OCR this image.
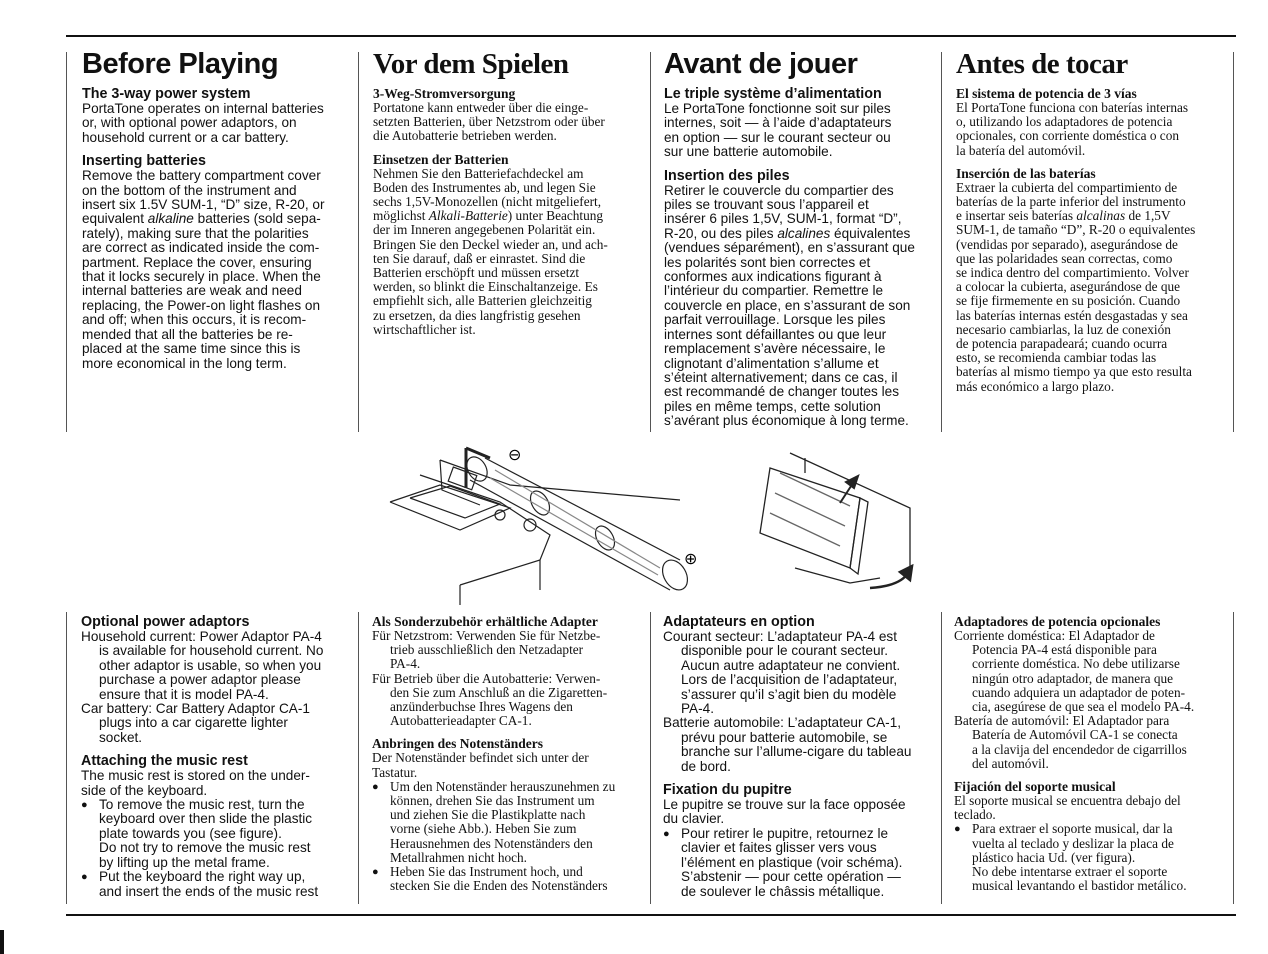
Before Playing
The 3-way power system

PortaTone operates on internal batteries

or, with optional power adaptors, on

household current or a car battery.

Inserting batteries

Remove the battery compartment cover

on the bottom of the instrument and

insert six 1.5V SUM-1, “D” size, R-20, or

equivalent alkaline batteries (sold sepa-

rately), making sure that the polarities

are correct as indicated inside the com-

partment. Replace the cover, ensuring

that it locks securely in place. When the

internal batteries are weak and need

replacing, the Power-on light flashes on

and off; when this occurs, it is recom-

mended that all the batteries be re-

placed at the same time since this is

more economical in the long term.

Vor dem Spielen
3-Weg-Stromversorgung

Portatone kann entweder über die einge-

setzten Batterien, über Netzstrom oder über

die Autobatterie betrieben werden.

Einsetzen der Batterien

Nehmen Sie den Batteriefachdeckel am

Boden des Instrumentes ab, und legen Sie

sechs 1,5V-Monozellen (nicht mitgeliefert,

möglichst Alkali-Batterie) unter Beachtung

der im Inneren angegebenen Polarität ein.

Bringen Sie den Deckel wieder an, und ach-

ten Sie darauf, daß er einrastet. Sind die

Batterien erschöpft und müssen ersetzt

werden, so blinkt die Einschaltanzeige. Es

empfiehlt sich, alle Batterien gleichzeitig

zu ersetzen, da dies langfristig gesehen

wirtschaftlicher ist.

Avant de jouer
Le triple système d’alimentation

Le PortaTone fonctionne soit sur piles

internes, soit — à l’aide d’adaptateurs

en option — sur le courant secteur ou

sur une batterie automobile.

Insertion des piles

Retirer le couvercle du compartier des

piles se trouvant sous l’appareil et

insérer 6 piles 1,5V, SUM-1, format “D”,

R-20, ou des piles alcalines équivalentes

(vendues séparément), en s’assurant que

les polarités sont bien correctes et

conformes aux indications figurant à

l’intérieur du compartier. Remettre le

couvercle en place, en s’assurant de son

parfait verrouillage. Lorsque les piles

internes sont défaillantes ou que leur

remplacement s’avère nécessaire, le

clignotant d’alimentation s’allume et

s’éteint alternativement; dans ce cas, il

est recommandé de changer toutes les

piles en même temps, cette solution

s’avérant plus économique à long terme.

Antes de tocar
El sistema de potencia de 3 vías

El PortaTone funciona con baterías internas

o, utilizando los adaptadores de potencia

opcionales, con corriente doméstica o con

la batería del automóvil.

Inserción de las baterías

Extraer la cubierta del compartimiento de

baterías de la parte inferior del instrumento

e insertar seis baterías alcalinas de 1,5V

SUM-1, de tamaño “D”, R-20 o equivalentes

(vendidas por separado), asegurándose de

que las polaridades sean correctas, como

se indica dentro del compartimiento. Volver

a colocar la cubierta, asegurándose de que

se fije firmemente en su posición. Cuando

las baterías internas estén desgastadas y sea

necesario cambiarlas, la luz de conexión

de potencia parapadeará; cuando ocurra

esto, se recomienda cambiar todas las

baterías al mismo tiempo ya que esto resulta

más económico a largo plazo.

⊖
⊕
Optional power adaptors

Household current: Power Adaptor PA-4

is available for household current. No

other adaptor is usable, so when you

purchase a power adaptor please

ensure that it is model PA-4.

Car battery: Car Battery Adaptor CA-1

plugs into a car cigarette lighter

socket.

Attaching the music rest

The music rest is stored on the under-

side of the keyboard.

● To remove the music rest, turn the
keyboard over then slide the plastic
plate towards you (see figure).
Do not try to remove the music rest
by lifting up the metal frame.
● Put the keyboard the right way up,
and insert the ends of the music rest
Als Sonderzubehör erhältliche Adapter

Für Netzstrom: Verwenden Sie für Netzbe-

trieb ausschließlich den Netzadapter

PA-4.

Für Betrieb über die Autobatterie: Verwen-

den Sie zum Anschluß an die Zigaretten-

anzünderbuchse Ihres Wagens den

Autobatterieadapter CA-1.

Anbringen des Notenständers

Der Notenständer befindet sich unter der

Tastatur.

● Um den Notenständer herauszunehmen zu
können, drehen Sie das Instrument um
und ziehen Sie die Plastikplatte nach
vorne (siehe Abb.). Heben Sie zum
Herausnehmen des Notenständers den
Metallrahmen nicht hoch.
● Heben Sie das Instrument hoch, und
stecken Sie die Enden des Notenständers
Adaptateurs en option

Courant secteur: L’adaptateur PA-4 est

disponible pour le courant secteur.

Aucun autre adaptateur ne convient.

Lors de l’acquisition de l’adaptateur,

s’assurer qu’il s’agit bien du modèle

PA-4.

Batterie automobile: L’adaptateur CA-1,

prévu pour batterie automobile, se

branche sur l’allume-cigare du tableau

de bord.

Fixation du pupitre

Le pupitre se trouve sur la face opposée

du clavier.

● Pour retirer le pupitre, retournez le
clavier et faites glisser vers vous
l’élément en plastique (voir schéma).
S’abstenir — pour cette opération —
de soulever le châssis métallique.
Adaptadores de potencia opcionales

Corriente doméstica: El Adaptador de

Potencia PA-4 está disponible para

corriente doméstica. No debe utilizarse

ningún otro adaptador, de manera que

cuando adquiera un adaptador de poten-

cia, asegúrese de que sea el modelo PA-4.

Batería de automóvil: El Adaptador para

Batería de Automóvil CA-1 se conecta

a la clavija del encendedor de cigarrillos

del automóvil.

Fijación del soporte musical

El soporte musical se encuentra debajo del

teclado.

● Para extraer el soporte musical, dar la
vuelta al teclado y deslizar la placa de
plástico hacia Ud. (ver figura).
No debe intentarse extraer el soporte
musical levantando el bastidor metálico.
